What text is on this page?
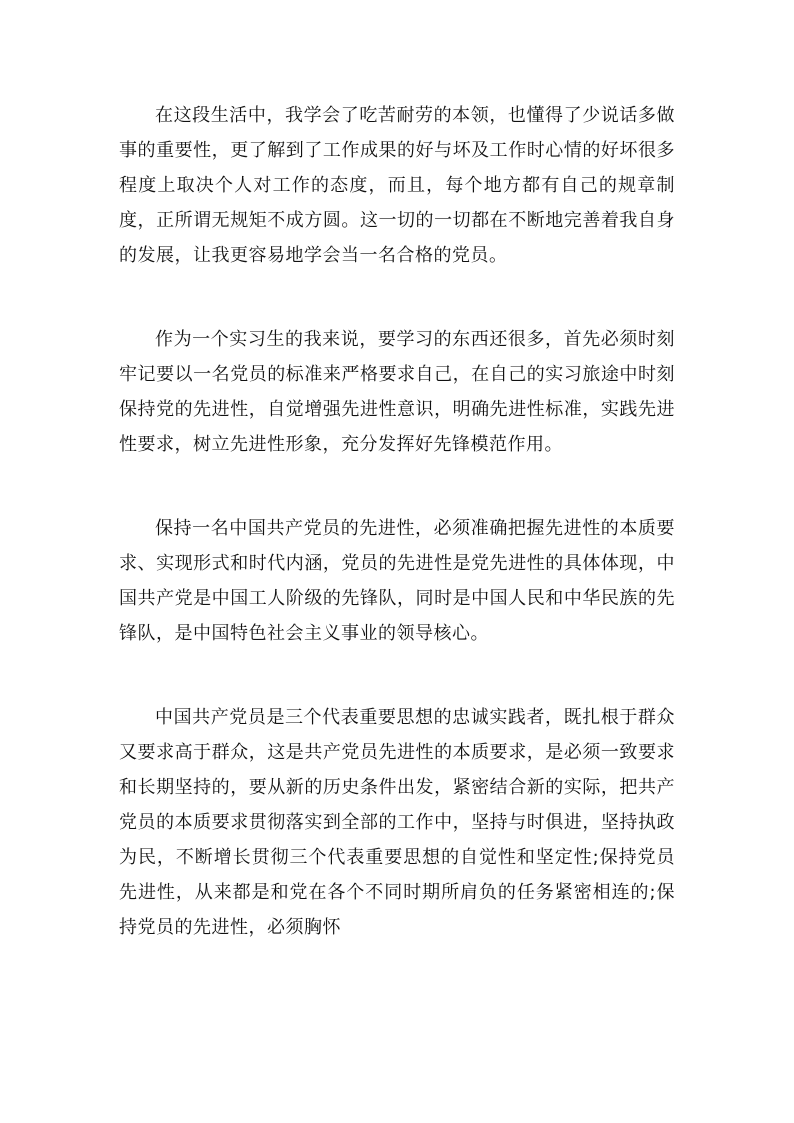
在这段生活中，我学会了吃苦耐劳的本领，也懂得了少说话多做事的重要性，更了解到了工作成果的好与坏及工作时心情的好坏很多程度上取决个人对工作的态度，而且，每个地方都有自己的规章制度，正所谓无规矩不成方圆。这一切的一切都在不断地完善着我自身的发展，让我更容易地学会当一名合格的党员。

作为一个实习生的我来说，要学习的东西还很多，首先必须时刻牢记要以一名党员的标准来严格要求自己，在自己的实习旅途中时刻保持党的先进性，自觉增强先进性意识，明确先进性标准，实践先进性要求，树立先进性形象，充分发挥好先锋模范作用。

保持一名中国共产党员的先进性，必须准确把握先进性的本质要求、实现形式和时代内涵，党员的先进性是党先进性的具体体现，中国共产党是中国工人阶级的先锋队，同时是中国人民和中华民族的先锋队，是中国特色社会主义事业的领导核心。

中国共产党员是三个代表重要思想的忠诚实践者，既扎根于群众又要求高于群众，这是共产党员先进性的本质要求，是必须一致要求和长期坚持的，要从新的历史条件出发，紧密结合新的实际，把共产党员的本质要求贯彻落实到全部的工作中，坚持与时俱进，坚持执政为民，不断增长贯彻三个代表重要思想的自觉性和坚定性;保持党员先进性，从来都是和党在各个不同时期所肩负的任务紧密相连的;保持党员的先进性，必须胸怀
